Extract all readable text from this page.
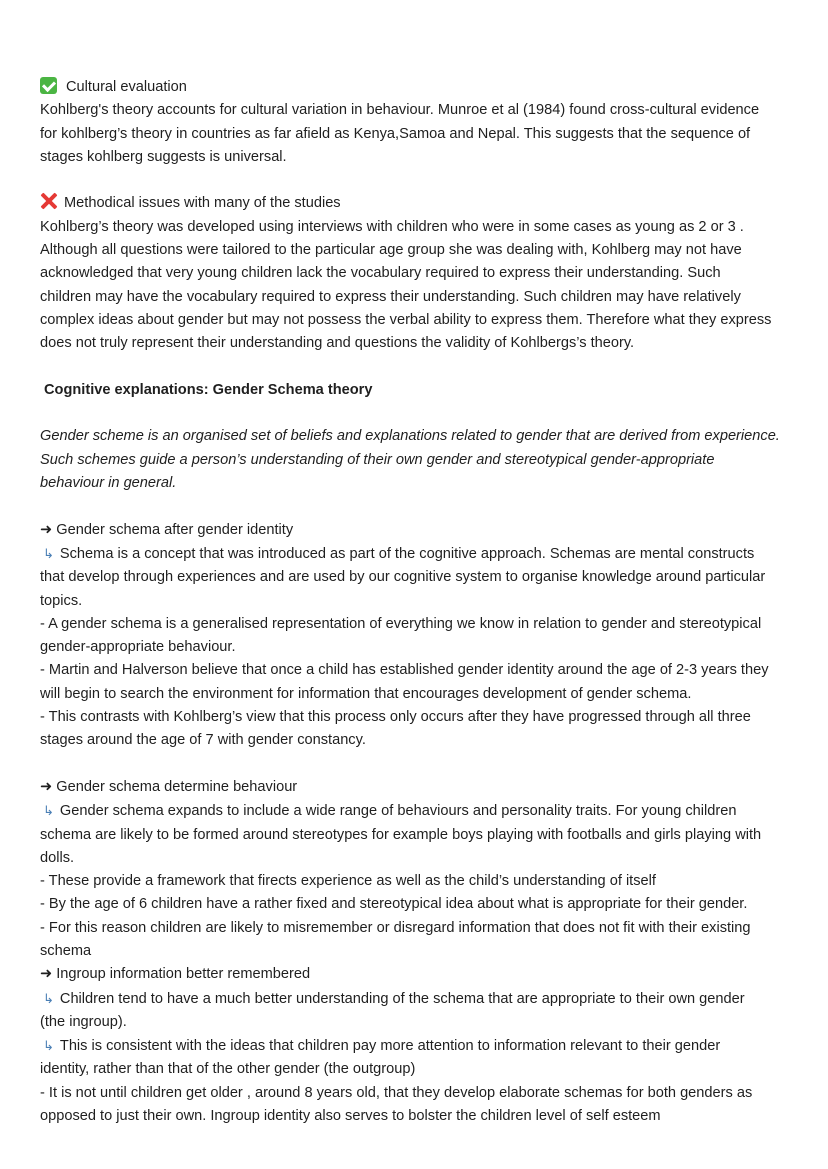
Cultural evaluation
Kohlberg's theory accounts for cultural variation in behaviour. Munroe et al (1984) found cross-cultural evidence
for kohlberg’s theory in countries as far afield as Kenya,Samoa and Nepal. This suggests that the sequence of
stages kohlberg suggests is universal.
Methodical issues with many of the studies
Kohlberg’s theory was developed using interviews with children who were in some cases as young as 2 or 3 .
Although all questions were tailored to the particular age group she was dealing with, Kohlberg may not have
acknowledged that very young children lack the vocabulary required to express their understanding. Such
children may have the vocabulary required to express their understanding. Such children may have relatively
complex ideas about gender but may not possess the verbal ability to express them. Therefore what they express
does not truly represent their understanding and questions the validity of Kohlbergs’s theory.
Cognitive explanations: Gender Schema theory
Gender scheme is an organised set of beliefs and explanations related to gender that are derived from experience.
Such schemes guide a person’s understanding of their own gender and stereotypical gender-appropriate
behaviour in general.
➜ Gender schema after gender identity
↳ Schema is a concept that was introduced as part of the cognitive approach. Schemas are mental constructs
that develop through experiences and are used by our cognitive system to organise knowledge around particular
topics.
- A gender schema is a generalised representation of everything we know in relation to gender and stereotypical
gender-appropriate behaviour.
- Martin and Halverson believe that once a child has established gender identity around the age of 2-3 years they
will begin to search the environment for information that encourages development of gender schema.
- This contrasts with Kohlberg’s view that this process only occurs after they have progressed through all three
stages around the age of 7 with gender constancy.
➜ Gender schema determine behaviour
↳ Gender schema expands to include a wide range of behaviours and personality traits. For young children
schema are likely to be formed around stereotypes for example boys playing with footballs and girls playing with
dolls.
- These provide a framework that firects experience as well as the child’s understanding of itself
- By the age of 6 children have a rather fixed and stereotypical idea about what is appropriate for their gender.
- For this reason children are likely to misremember or disregard information that does not fit with their existing
schema
➜ Ingroup information better remembered
↳ Children tend to have a much better understanding of the schema that are appropriate to their own gender
(the ingroup).
↳ This is consistent with the ideas that children pay more attention to information relevant to their gender
identity, rather than that of the other gender (the outgroup)
- It is not until children get older , around 8 years old, that they develop elaborate schemas for both genders as
opposed to just their own. Ingroup identity also serves to bolster the children level of self esteem
